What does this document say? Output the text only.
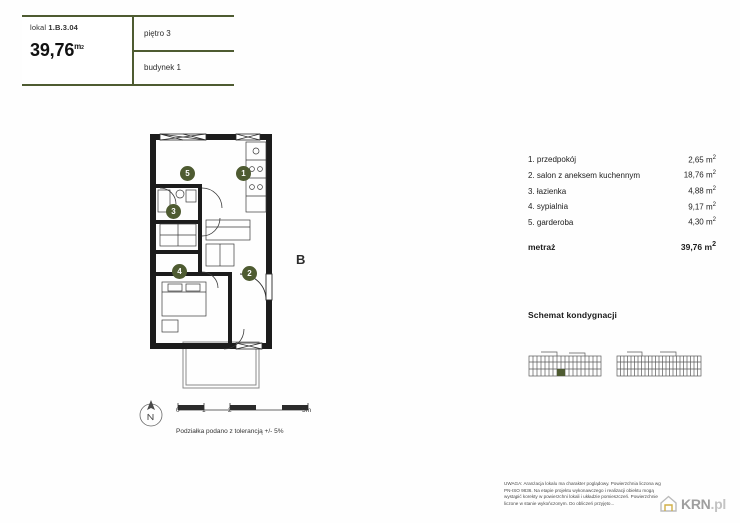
lokal 1.B.3.04
$39,76^{m2}$
piętro 3
budynek 1
1. przedpokój	2,65 $m^2$
2. salon z aneksem kuchennym	18,76 $m^2$
3. łazienka	4,88 $m^2$
4. sypialnia	9,17 $m^2$
5. garderoba	4,30 $m^2$
metraż	39,76 $m^2$
Schemat kondygnacji
1
2
3
4
5
B
0	1	2	5m
Podziałka podano z tolerancją +/- 5%
UWAGA: Aranżacja lokalu ma charakter poglądowy. Powierzchnia liczona wg PN-ISO 9836. Na etapie projektu wykonawczego i realizacji obiektu mogą wystąpić korekty w powierzchni lokali i układzie pomieszczeń. Powierzchnie liczone w stanie wykończonym. Do obliczeń przyjęto...	KRN.pl
